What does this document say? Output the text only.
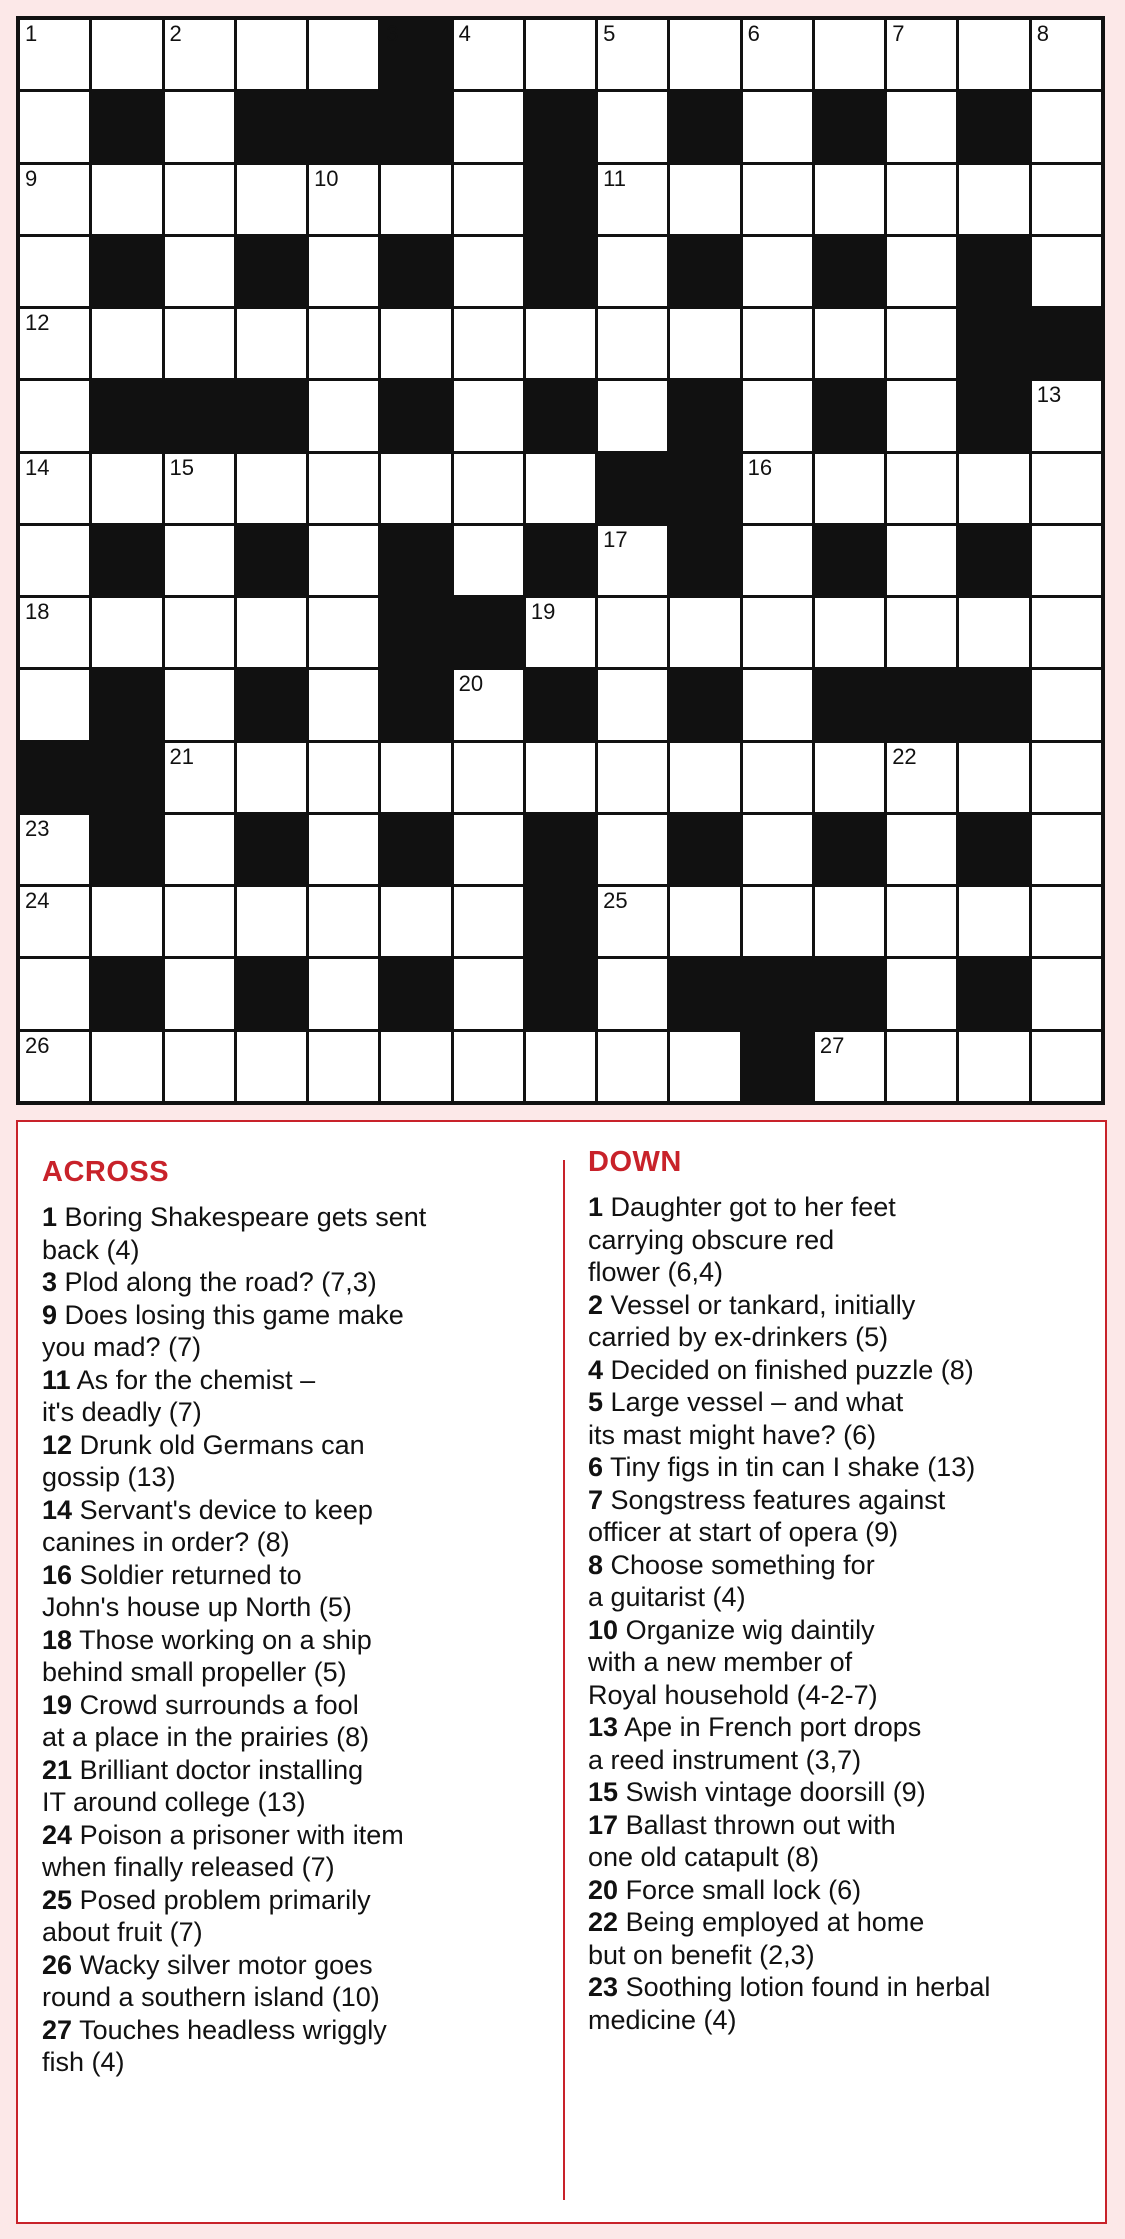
1	2	3	4	5	6	7	8
9	10	11
12
13
14	15	16
17
18	19
20
21	22
23
24	25
26	27
ACROSS

1 Boring Shakespeare gets sent
back (4)

3 Plod along the road? (7,3)

9 Does losing this game make
you mad? (7)

11 As for the chemist –
it's deadly (7)

12 Drunk old Germans can
gossip (13)

14 Servant's device to keep
canines in order? (8)

16 Soldier returned to
John's house up North (5)

18 Those working on a ship
behind small propeller (5)

19 Crowd surrounds a fool
at a place in the prairies (8)

21 Brilliant doctor installing
IT around college (13)

24 Poison a prisoner with item
when finally released (7)

25 Posed problem primarily
about fruit (7)

26 Wacky silver motor goes
round a southern island (10)

27 Touches headless wriggly
fish (4)

DOWN

1 Daughter got to her feet
carrying obscure red
flower (6,4)

2 Vessel or tankard, initially
carried by ex-drinkers (5)

4 Decided on finished puzzle (8)

5 Large vessel – and what
its mast might have? (6)

6 Tiny figs in tin can I shake (13)

7 Songstress features against
officer at start of opera (9)

8 Choose something for
a guitarist (4)

10 Organize wig daintily
with a new member of
Royal household (4-2-7)

13 Ape in French port drops
a reed instrument (3,7)

15 Swish vintage doorsill (9)

17 Ballast thrown out with
one old catapult (8)

20 Force small lock (6)

22 Being employed at home
but on benefit (2,3)

23 Soothing lotion found in herbal
medicine (4)
